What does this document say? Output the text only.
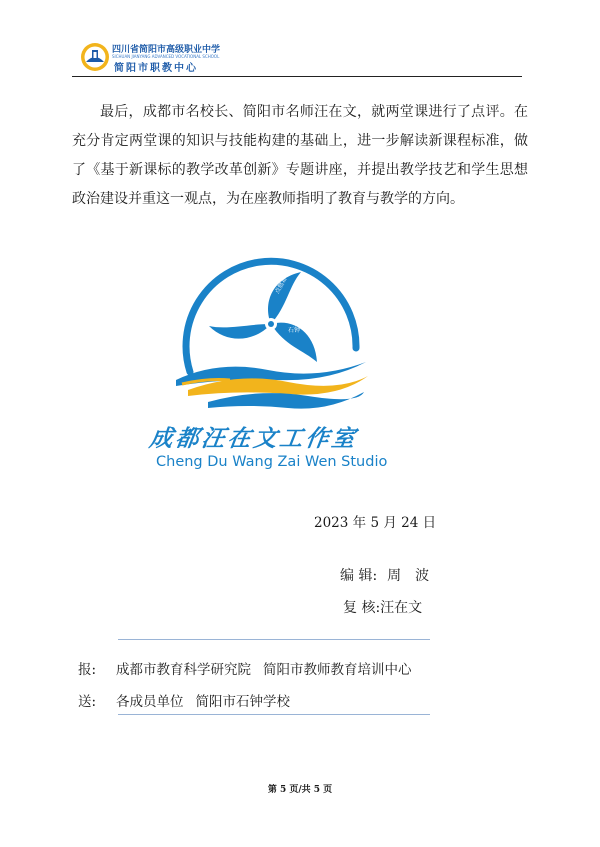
四川省简阳市高级职业中学
SICHUAN JIANYANG ADVANCED VOCATIONAL SCHOOL
简阳市职教中心
最后，成都市名校长、简阳市名师汪在文，就两堂课进行了点评。在充分肯定两堂课的知识与技能构建的基础上，进一步解读新课程标准，做了《基于新课标的教学改革创新》专题讲座，并提出教学技艺和学生思想政治建设并重这一观点，为在座教师指明了教育与教学的方向。
点燃希
石钟
筑梦未来
成都汪在文工作室
Cheng Du Wang Zai Wen Studio
2023 年 5 月 24 日
编 辑: 周　波
复 核:汪在文
报: 成都市教育科学研究院 简阳市教师教育培训中心
送: 各成员单位 简阳市石钟学校
第 5 页/共 5 页
